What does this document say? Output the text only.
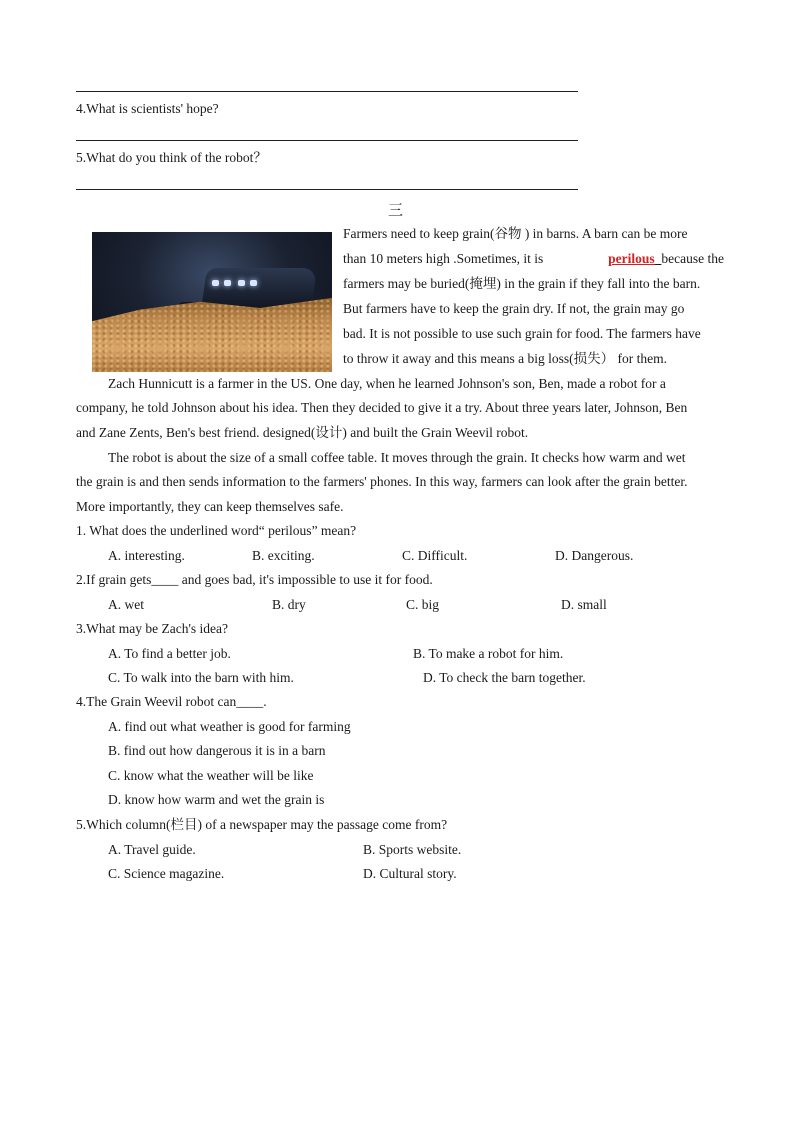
4.What is scientists' hope?
5.What do you think of the robot？
三
Farmers need to keep grain(谷物 ) in barns. A barn can be more
than 10 meters high .Sometimes, it is	perilous because the
farmers may be buried(掩埋) in the grain if they fall into the barn.
But farmers have to keep the grain dry. If not, the grain may go
bad. It is not possible to use such grain for food. The farmers have
to throw it away and this means a big loss(损失） for them.
Zach Hunnicutt is a farmer in the US. One day, when he learned Johnson's son, Ben, made a robot for a
company, he told Johnson about his idea. Then they decided to give it a try. About three years later, Johnson, Ben
and Zane Zents, Ben's best friend. designed(设计) and built the Grain Weevil robot.
The robot is about the size of a small coffee table. It moves through the grain. It checks how warm and wet
the grain is and then sends information to the farmers' phones. In this way, farmers can look after the grain better.
More importantly, they can keep themselves safe.
1. What does the underlined word“ perilous” mean?
A. interesting.	B. exciting.	C. Difficult.	D. Dangerous.
2.If grain gets____ and goes bad, it's impossible to use it for food.
A. wet	B. dry	C. big	D. small
3.What may be Zach's idea?
A. To find a better job.	B. To make a robot for him.
C. To walk into the barn with him.	D. To check the barn together.
4.The Grain Weevil robot can____.
A. find out what weather is good for farming
B. find out how dangerous it is in a barn
C. know what the weather will be like
D. know how warm and wet the grain is
5.Which column(栏目) of a newspaper may the passage come from?
A. Travel guide.	B. Sports website.
C. Science magazine.	D. Cultural story.
